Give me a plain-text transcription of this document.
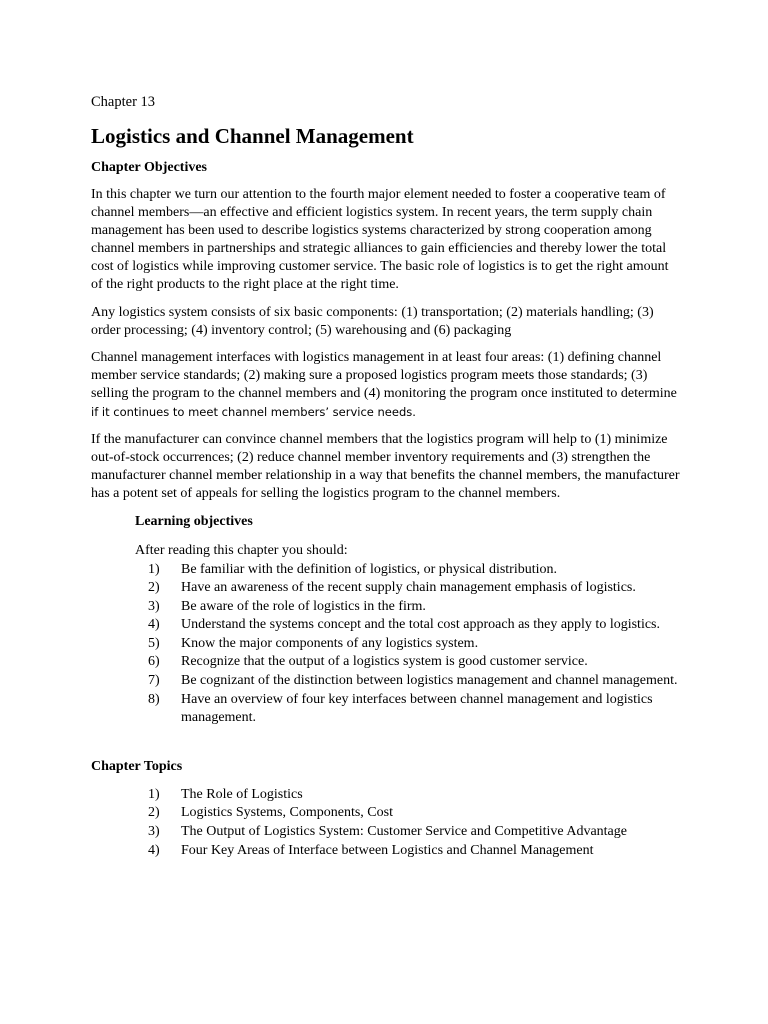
Chapter 13
Logistics and Channel Management
Chapter Objectives

In this chapter we turn our attention to the fourth major element needed to foster a cooperative team of channel members—an effective and efficient logistics system. In recent years, the term supply chain management has been used to describe logistics systems characterized by strong cooperation among channel members in partnerships and strategic alliances to gain efficiencies and thereby lower the total cost of logistics while improving customer service. The basic role of logistics is to get the right amount of the right products to the right place at the right time.

Any logistics system consists of six basic components: (1) transportation; (2) materials handling; (3) order processing; (4) inventory control; (5) warehousing and (6) packaging

Channel management interfaces with logistics management in at least four areas: (1) defining channel member service standards; (2) making sure a proposed logistics program meets those standards; (3) selling the program to the channel members and (4) monitoring the program once instituted to determine if it continues to meet channel members’ service needs.

If the manufacturer can convince channel members that the logistics program will help to (1) minimize out-of-stock occurrences; (2) reduce channel member inventory requirements and (3) strengthen the manufacturer channel member relationship in a way that benefits the channel members, the manufacturer has a potent set of appeals for selling the logistics program to the channel members.

Learning objectives
After reading this chapter you should:
1) Be familiar with the definition of logistics, or physical distribution.
2) Have an awareness of the recent supply chain management emphasis of logistics.
3) Be aware of the role of logistics in the firm.
4) Understand the systems concept and the total cost approach as they apply to logistics.
5) Know the major components of any logistics system.
6) Recognize that the output of a logistics system is good customer service.
7) Be cognizant of the distinction between logistics management and channel management.
8) Have an overview of four key interfaces between channel management and logistics management.
Chapter Topics
1) The Role of Logistics
2) Logistics Systems, Components, Cost
3) The Output of Logistics System: Customer Service and Competitive Advantage
4) Four Key Areas of Interface between Logistics and Channel Management
